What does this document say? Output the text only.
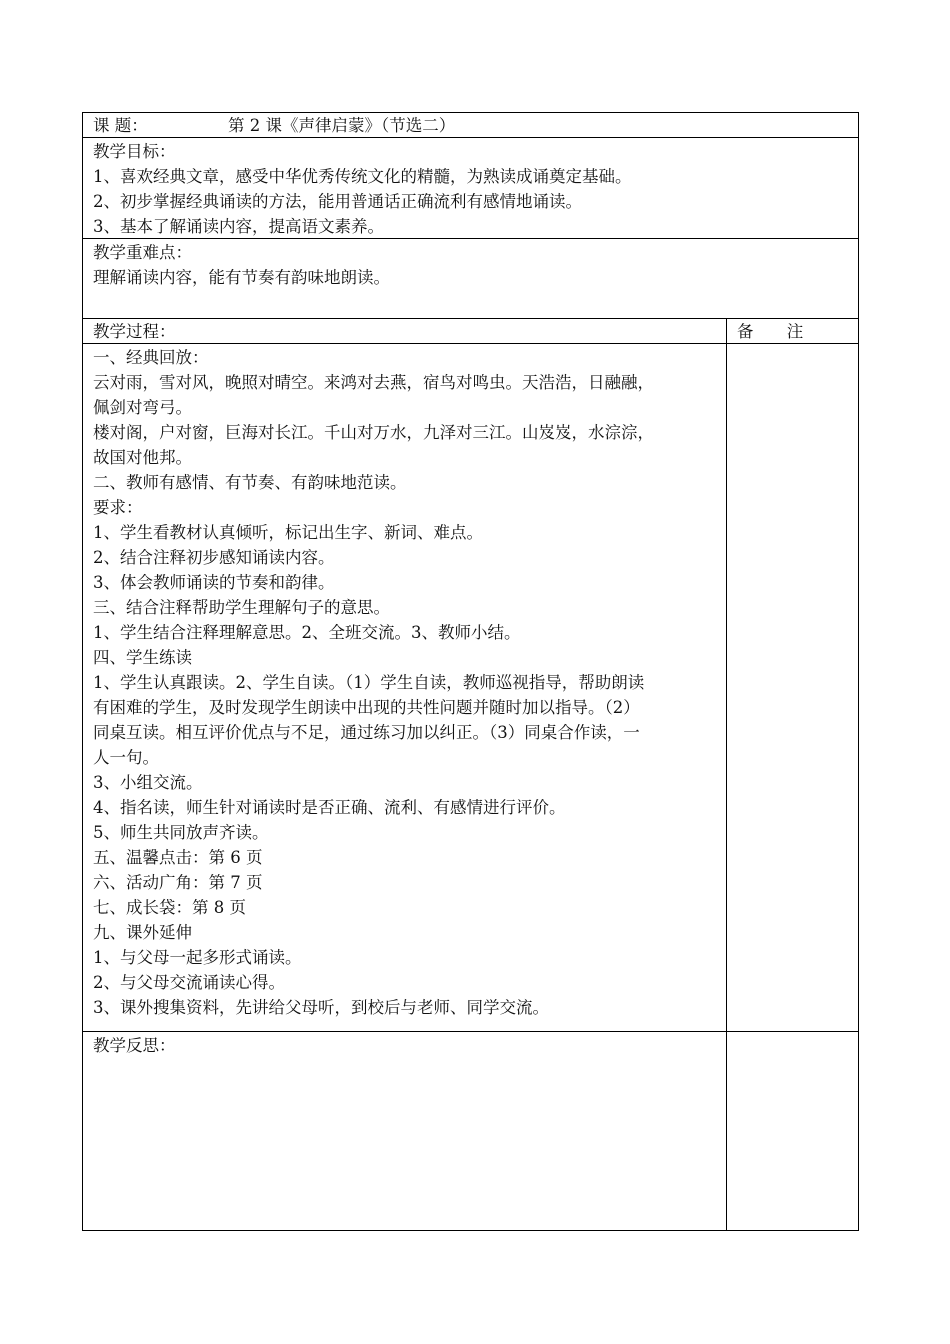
课 题：	第 2 课《声律启蒙》（节选二）
教学目标：
1、喜欢经典文章，感受中华优秀传统文化的精髓，为熟读成诵奠定基础。
2、初步掌握经典诵读的方法，能用普通话正确流利有感情地诵读。
3、基本了解诵读内容，提高语文素养。
教学重难点：
理解诵读内容，能有节奏有韵味地朗读。
教学过程：	备 注
一、经典回放：
云对雨，雪对风，晚照对晴空。来鸿对去燕，宿鸟对鸣虫。天浩浩，日融融，
佩剑对弯弓。
楼对阁，户对窗，巨海对长江。千山对万水，九泽对三江。山岌岌，水淙淙，
故国对他邦。
二、教师有感情、有节奏、有韵味地范读。
要求：
1、学生看教材认真倾听，标记出生字、新词、难点。
2、结合注释初步感知诵读内容。
3、体会教师诵读的节奏和韵律。
三、结合注释帮助学生理解句子的意思。
1、学生结合注释理解意思。2、全班交流。3、教师小结。
四、学生练读
1、学生认真跟读。2、学生自读。（1）学生自读，教师巡视指导，帮助朗读
有困难的学生，及时发现学生朗读中出现的共性问题并随时加以指导。（2）
同桌互读。相互评价优点与不足，通过练习加以纠正。（3）同桌合作读，一
人一句。
3、小组交流。
4、指名读，师生针对诵读时是否正确、流利、有感情进行评价。
5、师生共同放声齐读。
五、温馨点击：第 6 页
六、活动广角：第 7 页
七、成长袋：第 8 页
九、课外延伸
1、与父母一起多形式诵读。
2、与父母交流诵读心得。
3、课外搜集资料，先讲给父母听，到校后与老师、同学交流。
教学反思：
